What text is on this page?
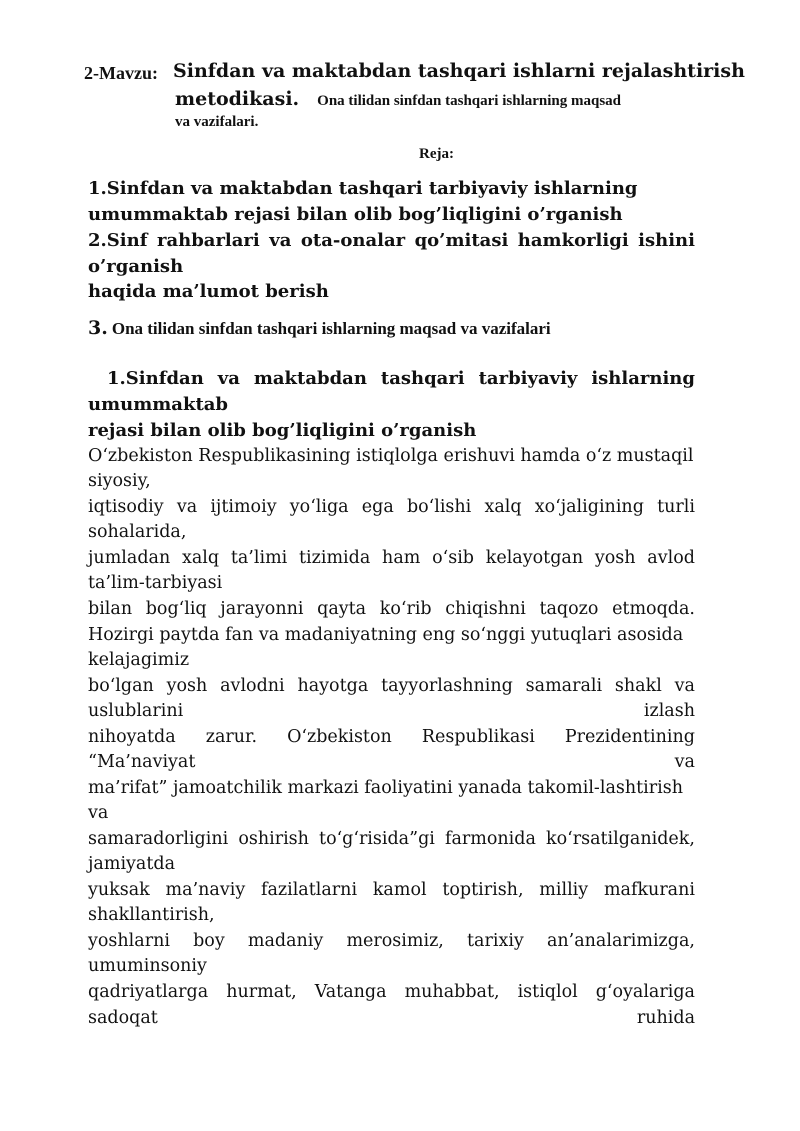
2-Mavzu: Sinfdan va maktabdan tashqari ishlarni rejalashtirish
metodikasi. Ona tilidan sinfdan tashqari ishlarning maqsad
va vazifalari.
Reja:
1.Sinfdan va maktabdan tashqari tarbiyaviy ishlarning
umummaktab rejasi bilan olib bog’liqligini o’rganish
2.Sinf rahbarlari va ota-onalar qo’mitasi hamkorligi ishini
o’rganish
haqida ma’lumot berish
3. Ona tilidan sinfdan tashqari ishlarning maqsad va vazifalari
1.Sinfdan va maktabdan tashqari tarbiyaviy ishlarning
umummaktab
rejasi bilan olib bog’liqligini o’rganish
O‘zbekiston Respublikasining istiqlolga erishuvi hamda o‘z mustaqil
siyosiy,
iqtisodiy va ijtimoiy yo‘liga ega bo‘lishi xalq xo‘jaligining turli
sohalarida,
jumladan xalq ta’limi tizimida ham o‘sib kelayotgan yosh avlod
ta’lim-tarbiyasi
bilan bog‘liq jarayonni qayta ko‘rib chiqishni taqozo etmoqda.
Hozirgi paytda fan va madaniyatning eng so‘nggi yutuqlari asosida
kelajagimiz
bo‘lgan yosh avlodni hayotga tayyorlashning samarali shakl va
uslublarini	izlash
nihoyatda zarur. O‘zbekiston Respublikasi Prezidentining
“Ma’naviyat	va
ma’rifat” jamoatchilik markazi faoliyatini yanada takomil-lashtirish
va
samaradorligini oshirish to‘g‘risida”gi farmonida ko‘rsatilganidek,
jamiyatda
yuksak ma’naviy fazilatlarni kamol toptirish, milliy mafkurani
shakllantirish,
yoshlarni boy madaniy merosimiz, tarixiy an’analarimizga,
umuminsoniy
qadriyatlarga hurmat, Vatanga muhabbat, istiqlol g‘oyalariga
sadoqat	ruhida
